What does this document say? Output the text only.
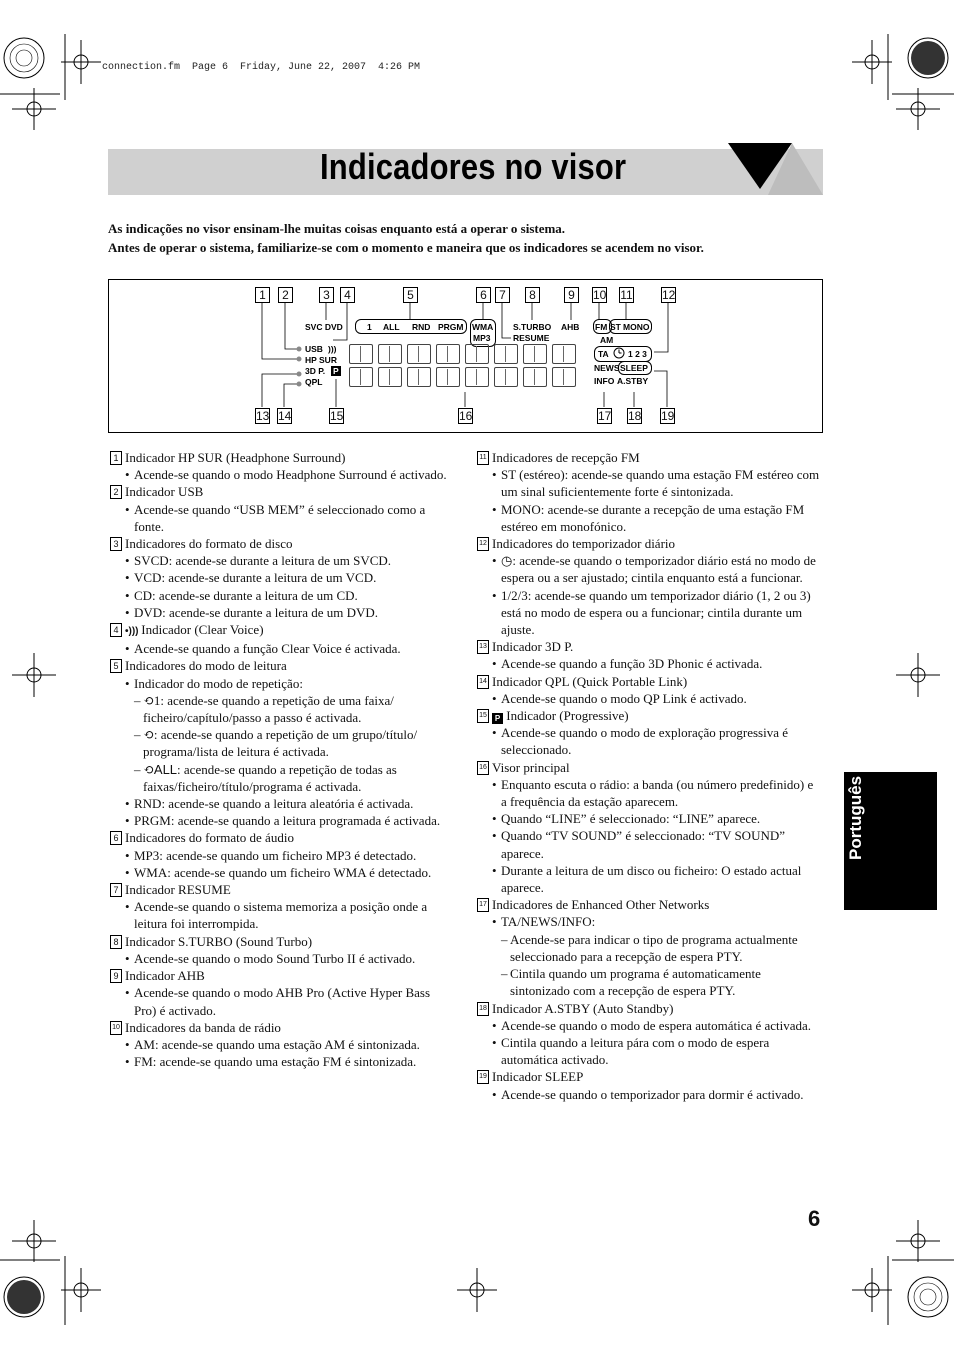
connection.fm  Page 6  Friday, June 22, 2007  4:26 PM
Indicadores no visor
As indicações no visor ensinam-lhe muitas coisas enquanto está a operar o sistema.
Antes de operar o sistema, familiarize-se com o momento e maneira que os indicadores se acendem no visor.
1	2	3	4	5	6	7	8	9	10 11 12
13 14	15	16	17 18 19
SVC DVD	1 ALL RND PRGM WMA
MP3
S.TURBO
RESUME
AHB FM ST MONO
AM
USB )))
HP SUR
3D P. P
QPL
TA 1 2 3
NEWS SLEEP
INFO A.STBY
1 Indicador HP SUR (Headphone Surround)
• Acende-se quando o modo Headphone Surround é activado.
2 Indicador USB
• Acende-se quando “USB MEM” é seleccionado como a fonte.
3 Indicadores do formato de disco
• SVCD: acende-se durante a leitura de um SVCD.
• VCD: acende-se durante a leitura de um VCD.
• CD: acende-se durante a leitura de um CD.
• DVD: acende-se durante a leitura de um DVD.
4 •))) Indicador (Clear Voice)
• Acende-se quando a função Clear Voice é activada.
5 Indicadores do modo de leitura
• Indicador do modo de repetição:
– ⟲1: acende-se quando a repetição de uma faixa/ ficheiro/capítulo/passo a passo é activada.
– ⟲: acende-se quando a repetição de um grupo/título/ programa/lista de leitura é activada.
– ⟲ALL: acende-se quando a repetição de todas as faixas/ficheiro/título/programa é activada.
• RND: acende-se quando a leitura aleatória é activada.
• PRGM: acende-se quando a leitura programada é activada.
6 Indicadores do formato de áudio
• MP3: acende-se quando um ficheiro MP3 é detectado.
• WMA: acende-se quando um ficheiro WMA é detectado.
7 Indicador RESUME
• Acende-se quando o sistema memoriza a posição onde a leitura foi interrompida.
8 Indicador S.TURBO (Sound Turbo)
• Acende-se quando o modo Sound Turbo II é activado.
9 Indicador AHB
• Acende-se quando o modo AHB Pro (Active Hyper Bass Pro) é activado.
10 Indicadores da banda de rádio
• AM: acende-se quando uma estação AM é sintonizada.
• FM: acende-se quando uma estação FM é sintonizada.
11 Indicadores de recepção FM
• ST (estéreo): acende-se quando uma estação FM estéreo com um sinal suficientemente forte é sintonizada.
• MONO: acende-se durante a recepção de uma estação FM estéreo em monofónico.
12 Indicadores do temporizador diário
• ◷: acende-se quando o temporizador diário está no modo de espera ou a ser ajustado; cintila enquanto está a funcionar.
• 1/2/3: acende-se quando um temporizador diário (1, 2 ou 3) está no modo de espera ou a funcionar; cintila durante um ajuste.
13 Indicador 3D P.
• Acende-se quando a função 3D Phonic é activada.
14 Indicador QPL (Quick Portable Link)
• Acende-se quando o modo QP Link é activado.
15 P Indicador (Progressive)
• Acende-se quando o modo de exploração progressiva é seleccionado.
16 Visor principal
• Enquanto escuta o rádio: a banda (ou número predefinido) e a frequência da estação aparecem.
• Quando “LINE” é seleccionado: “LINE” aparece.
• Quando “TV SOUND” é seleccionado: “TV SOUND” aparece.
• Durante a leitura de um disco ou ficheiro: O estado actual aparece.
17 Indicadores de Enhanced Other Networks
• TA/NEWS/INFO:
– Acende-se para indicar o tipo de programa actualmente seleccionado para a recepção de espera PTY.
– Cintila quando um programa é automaticamente sintonizado com a recepção de espera PTY.
18 Indicador A.STBY (Auto Standby)
• Acende-se quando o modo de espera automática é activada.
• Cintila quando a leitura pára com o modo de espera automática activado.
19 Indicador SLEEP
• Acende-se quando o temporizador para dormir é activado.
Português
6
